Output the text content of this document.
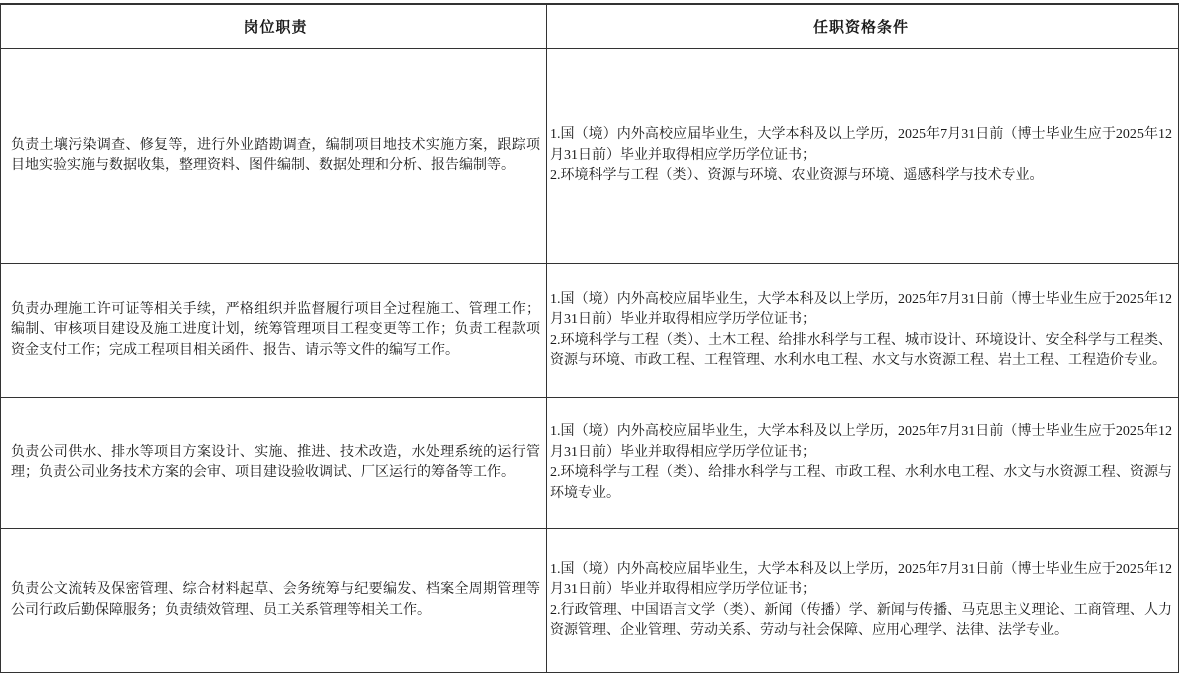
岗位职责	任职资格条件
负责土壤污染调查、修复等，进行外业踏勘调查，编制项目地技术实施方案，跟踪项目地实验实施与数据收集，整理资料、图件编制、数据处理和分析、报告编制等。
1.国（境）内外高校应届毕业生，大学本科及以上学历，2025年7月31日前（博士毕业生应于2025年12月31日前）毕业并取得相应学历学位证书；
2.环境科学与工程（类）、资源与环境、农业资源与环境、遥感科学与技术专业。
负责办理施工许可证等相关手续，严格组织并监督履行项目全过程施工、管理工作；编制、审核项目建设及施工进度计划，统筹管理项目工程变更等工作；负责工程款项资金支付工作；完成工程项目相关函件、报告、请示等文件的编写工作。
1.国（境）内外高校应届毕业生，大学本科及以上学历，2025年7月31日前（博士毕业生应于2025年12月31日前）毕业并取得相应学历学位证书；
2.环境科学与工程（类）、土木工程、给排水科学与工程、城市设计、环境设计、安全科学与工程类、资源与环境、市政工程、工程管理、水利水电工程、水文与水资源工程、岩土工程、工程造价专业。
负责公司供水、排水等项目方案设计、实施、推进、技术改造，水处理系统的运行管理；负责公司业务技术方案的会审、项目建设验收调试、厂区运行的筹备等工作。
1.国（境）内外高校应届毕业生，大学本科及以上学历，2025年7月31日前（博士毕业生应于2025年12月31日前）毕业并取得相应学历学位证书；
2.环境科学与工程（类）、给排水科学与工程、市政工程、水利水电工程、水文与水资源工程、资源与环境专业。
负责公文流转及保密管理、综合材料起草、会务统筹与纪要编发、档案全周期管理等公司行政后勤保障服务；负责绩效管理、员工关系管理等相关工作。
1.国（境）内外高校应届毕业生，大学本科及以上学历，2025年7月31日前（博士毕业生应于2025年12月31日前）毕业并取得相应学历学位证书；
2.行政管理、中国语言文学（类）、新闻（传播）学、新闻与传播、马克思主义理论、工商管理、人力资源管理、企业管理、劳动关系、劳动与社会保障、应用心理学、法律、法学专业。
